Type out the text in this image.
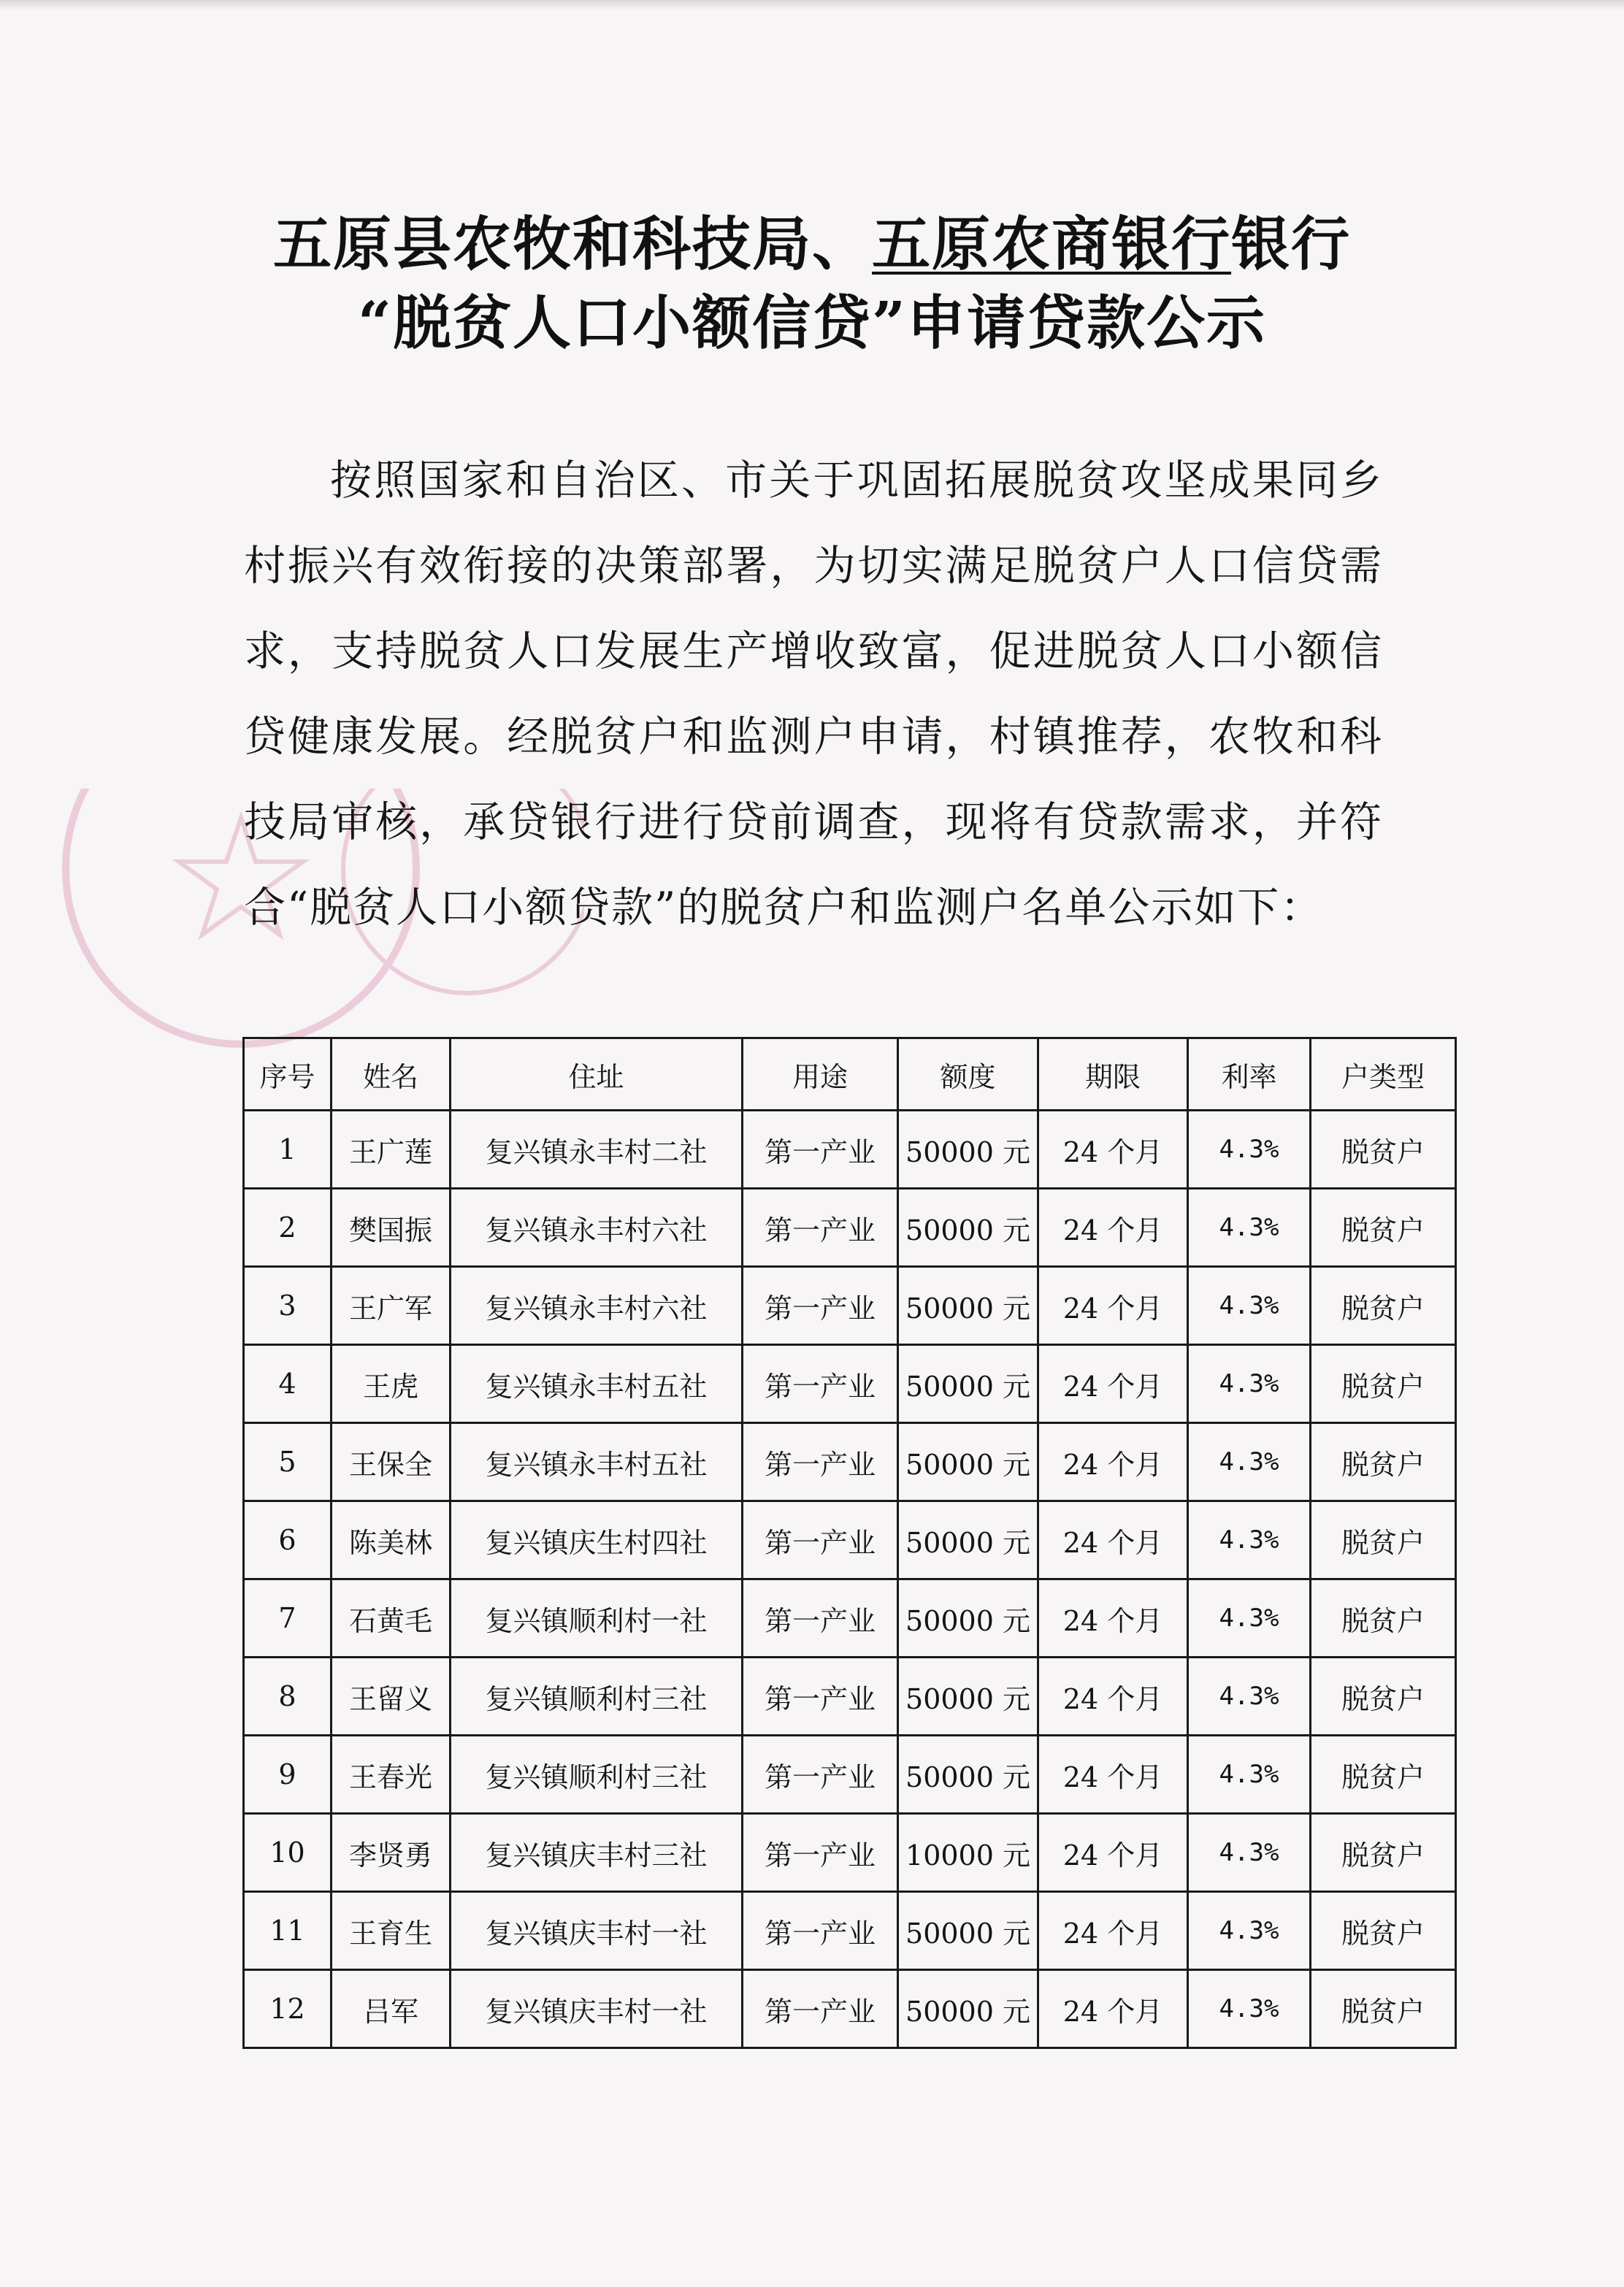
五原县农牧和科技局、五原农商银行银行
“脱贫人口小额信贷”申请贷款公示
按照国家和自治区、市关于巩固拓展脱贫攻坚成果同乡村振兴有效衔接的决策部署，为切实满足脱贫户人口信贷需求，支持脱贫人口发展生产增收致富，促进脱贫人口小额信贷健康发展。经脱贫户和监测户申请，村镇推荐，农牧和科技局审核，承贷银行进行贷前调查，现将有贷款需求，并符合“脱贫人口小额贷款”的脱贫户和监测户名单公示如下：
序号	姓名	住址	用途	额度	期限	利率	户类型
1	王广莲	复兴镇永丰村二社	第一产业	50000 元	24 个月	4.3%	脱贫户
2	樊国振	复兴镇永丰村六社	第一产业	50000 元	24 个月	4.3%	脱贫户
3	王广军	复兴镇永丰村六社	第一产业	50000 元	24 个月	4.3%	脱贫户
4	王虎	复兴镇永丰村五社	第一产业	50000 元	24 个月	4.3%	脱贫户
5	王保全	复兴镇永丰村五社	第一产业	50000 元	24 个月	4.3%	脱贫户
6	陈美林	复兴镇庆生村四社	第一产业	50000 元	24 个月	4.3%	脱贫户
7	石黄毛	复兴镇顺利村一社	第一产业	50000 元	24 个月	4.3%	脱贫户
8	王留义	复兴镇顺利村三社	第一产业	50000 元	24 个月	4.3%	脱贫户
9	王春光	复兴镇顺利村三社	第一产业	50000 元	24 个月	4.3%	脱贫户
10	李贤勇	复兴镇庆丰村三社	第一产业	10000 元	24 个月	4.3%	脱贫户
11	王育生	复兴镇庆丰村一社	第一产业	50000 元	24 个月	4.3%	脱贫户
12	吕军	复兴镇庆丰村一社	第一产业	50000 元	24 个月	4.3%	脱贫户
